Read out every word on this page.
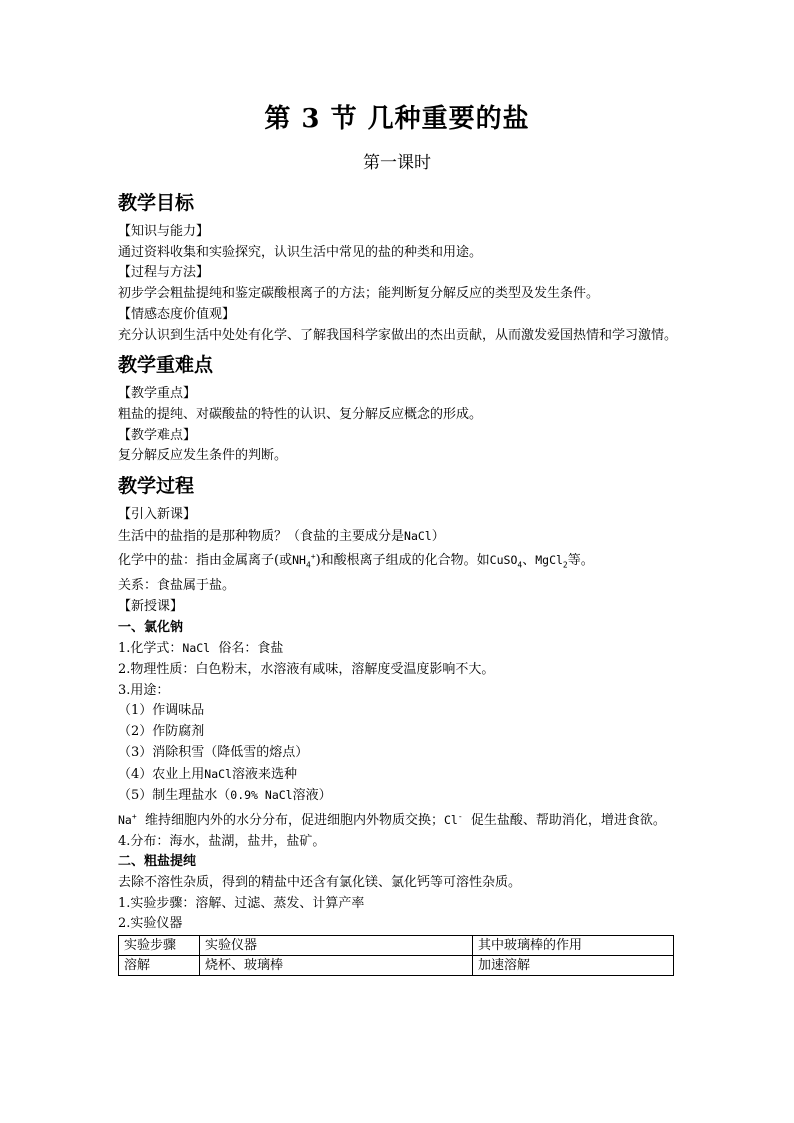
第 3 节 几种重要的盐
第一课时
教学目标
【知识与能力】
通过资料收集和实验探究，认识生活中常见的盐的种类和用途。
【过程与方法】
初步学会粗盐提纯和鉴定碳酸根离子的方法；能判断复分解反应的类型及发生条件。
【情感态度价值观】
充分认识到生活中处处有化学、了解我国科学家做出的杰出贡献，从而激发爱国热情和学习激情。
教学重难点
【教学重点】
粗盐的提纯、对碳酸盐的特性的认识、复分解反应概念的形成。
【教学难点】
复分解反应发生条件的判断。
教学过程
【引入新课】
生活中的盐指的是那种物质？（食盐的主要成分是NaCl）
化学中的盐：指由金属离子(或$NH_4^+$)和酸根离子组成的化合物。如CuSO$_4$、MgCl$_2$等。
关系：食盐属于盐。
【新授课】
一、氯化钠
1.化学式：NaCl  俗名：食盐
2.物理性质：白色粉末，水溶液有咸味，溶解度受温度影响不大。
3.用途：
（1）作调味品
（2）作防腐剂
（3）消除积雪（降低雪的熔点）
（4）农业上用NaCl溶液来选种
（5）制生理盐水（0.9% NaCl溶液）
Na+  维持细胞内外的水分分布，促进细胞内外物质交换；Cl-  促生盐酸、帮助消化，增进食欲。
4.分布：海水，盐湖，盐井，盐矿。
二、粗盐提纯
去除不溶性杂质，得到的精盐中还含有氯化镁、氯化钙等可溶性杂质。
1.实验步骤：溶解、过滤、蒸发、计算产率
2.实验仪器
实验步骤	实验仪器	其中玻璃棒的作用
溶解	烧杯、玻璃棒	加速溶解
